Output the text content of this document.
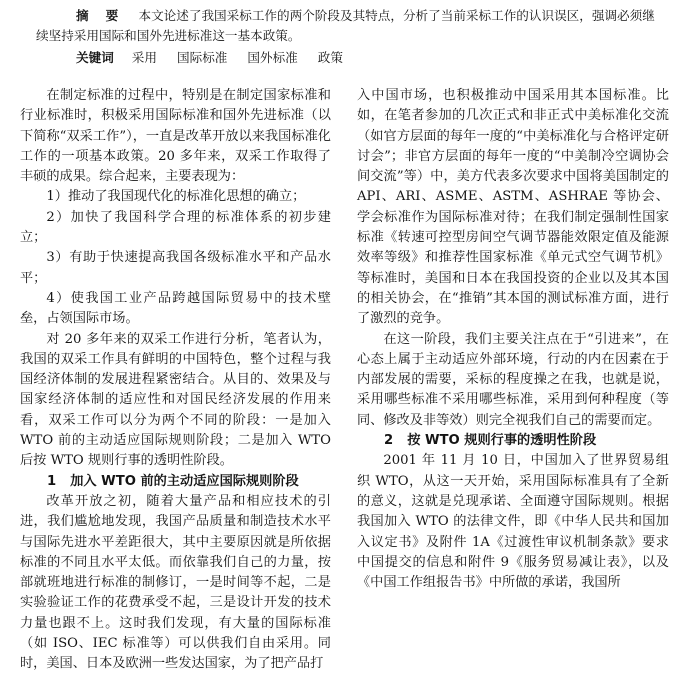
摘 要 本文论述了我国采标工作的两个阶段及其特点，分析了当前采标工作的认识误区，强调必须继续坚持采用国际和国外先进标准这一基本政策。

关键词 采用 国际标准 国外标准 政策

在制定标准的过程中，特别是在制定国家标准和行业标准时，积极采用国际标准和国外先进标准（以下简称“双采工作”），一直是改革开放以来我国标准化工作的一项基本政策。20 多年来，双采工作取得了丰硕的成果。综合起来，主要表现为：

1）推动了我国现代化的标准化思想的确立；

2）加快了我国科学合理的标准体系的初步建立；

3）有助于快速提高我国各级标准水平和产品水平；

4）使我国工业产品跨越国际贸易中的技术壁垒，占领国际市场。

对 20 多年来的双采工作进行分析，笔者认为，我国的双采工作具有鲜明的中国特色，整个过程与我国经济体制的发展进程紧密结合。从目的、效果及与国家经济体制的适应性和对国民经济发展的作用来看，双采工作可以分为两个不同的阶段：一是加入 WTO 前的主动适应国际规则阶段；二是加入 WTO 后按 WTO 规则行事的透明性阶段。

1 加入 WTO 前的主动适应国际规则阶段

改革开放之初，随着大量产品和相应技术的引进，我们尴尬地发现，我国产品质量和制造技术水平与国际先进水平差距很大，其中主要原因就是所依据标准的不同且水平太低。而依靠我们自己的力量，按部就班地进行标准的制修订，一是时间等不起，二是实验验证工作的花费承受不起，三是设计开发的技术力量也跟不上。这时我们发现，有大量的国际标准（如 ISO、IEC 标准等）可以供我们自由采用。同时，美国、日本及欧洲一些发达国家，为了把产品打

入中国市场，也积极推动中国采用其本国标准。比如，在笔者参加的几次正式和非正式中美标准化交流（如官方层面的每年一度的“中美标准化与合格评定研讨会”；非官方层面的每年一度的“中美制冷空调协会间交流”等）中，美方代表多次要求中国将美国制定的 API、ARI、ASME、ASTM、ASHRAE 等协会、学会标准作为国际标准对待；在我们制定强制性国家标准《转速可控型房间空气调节器能效限定值及能源效率等级》和推荐性国家标准《单元式空气调节机》等标准时，美国和日本在我国投资的企业以及其本国的相关协会，在“推销”其本国的测试标准方面，进行了激烈的竞争。

在这一阶段，我们主要关注点在于“引进来”，在心态上属于主动适应外部环境，行动的内在因素在于内部发展的需要，采标的程度操之在我，也就是说，采用哪些标准不采用哪些标准，采用到何种程度（等同、修改及非等效）则完全视我们自己的需要而定。

2 按 WTO 规则行事的透明性阶段

2001 年 11 月 10 日，中国加入了世界贸易组织 WTO，从这一天开始，采用国际标准具有了全新的意义，这就是兑现承诺、全面遵守国际规则。根据我国加入 WTO 的法律文件，即《中华人民共和国加入议定书》及附件 1A《过渡性审议机制条款》要求中国提交的信息和附件 9《服务贸易减让表》，以及《中国工作组报告书》中所做的承诺，我国所
